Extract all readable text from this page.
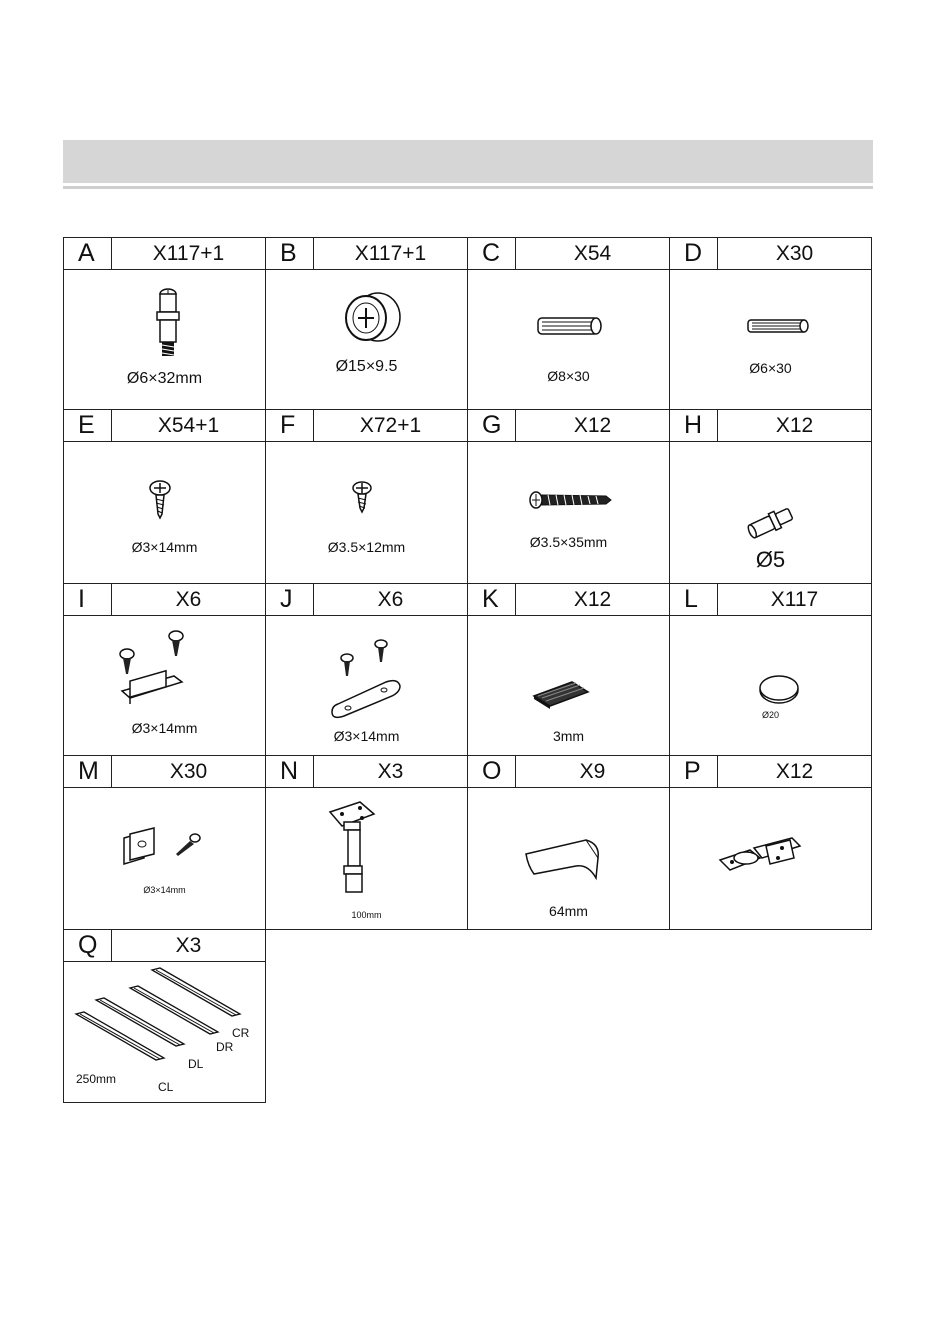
A	X117+1
Ø6×32mm
B	X117+1
Ø15×9.5
C	X54
Ø8×30
D	X30
Ø6×30
E	X54+1
Ø3×14mm
F	X72+1
Ø3.5×12mm
G	X12
Ø3.5×35mm
H	X12
Ø5
I	X6
Ø3×14mm
J	X6
Ø3×14mm
K	X12
3mm
L	X117
Ø20
M	X30
Ø3×14mm
N	X3
100mm
O	X9
64mm
P	X12
Q	X3
CR
DR
DL
250mm
CL
